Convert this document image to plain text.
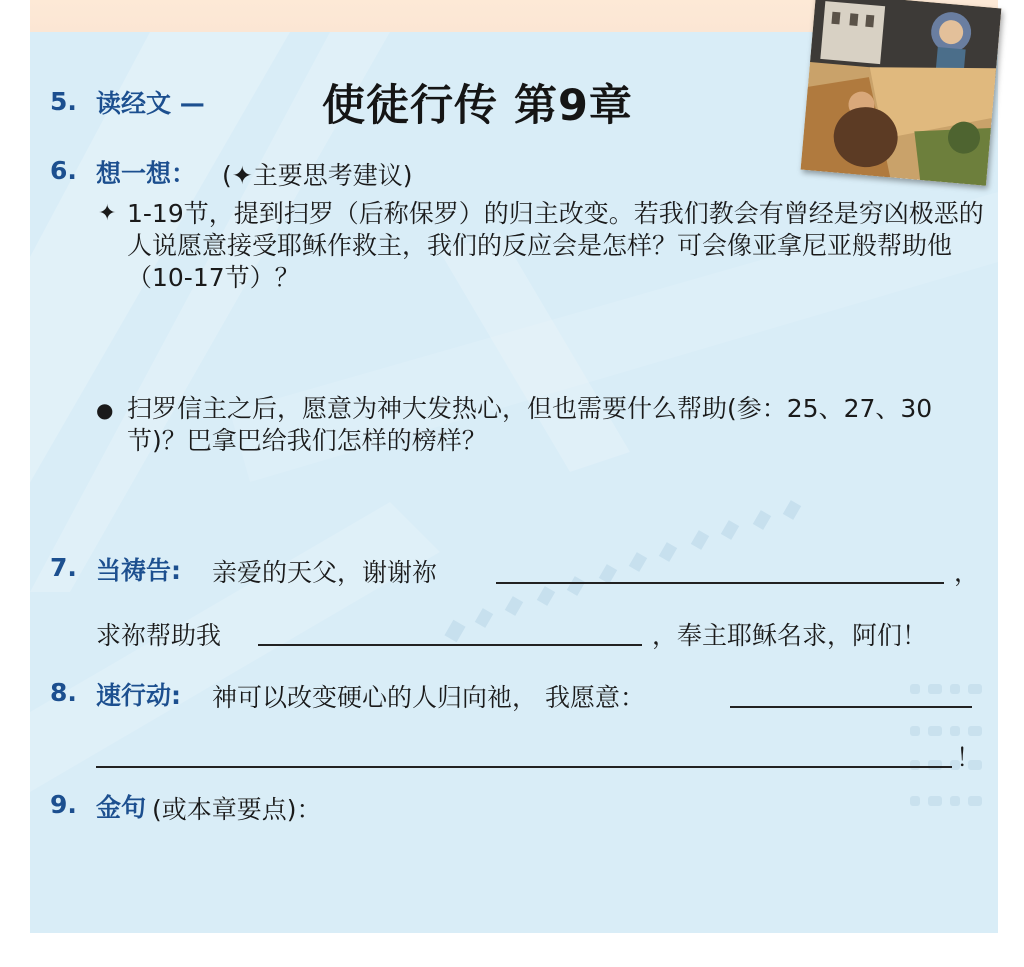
5. 读经文 —	使徒行传 第9章
6. 想一想： (✦主要思考建议)
✦ 1-19节，提到扫罗（后称保罗）的归主改变。若我们教会有曾经是穷凶极恶的人说愿意接受耶稣作救主，我们的反应会是怎样？可会像亚拿尼亚般帮助他（10-17节）？
● 扫罗信主之后，愿意为神大发热心，但也需要什么帮助(参：25、27、30节)？巴拿巴给我们怎样的榜样？
7. 当祷告: 亲爱的天父，谢谢祢	，
求祢帮助我	，奉主耶稣名求，阿们！
8. 速行动: 神可以改变硬心的人归向祂， 我愿意：
！
9. 金句 (或本章要点)：
